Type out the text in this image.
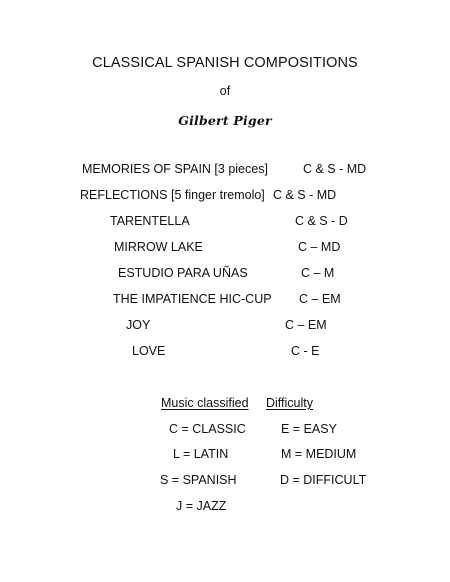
CLASSICAL SPANISH COMPOSITIONS
of
Gilbert Piger
MEMORIES OF SPAIN [3 pieces]	C & S - MD
REFLECTIONS [5 finger tremolo] C & S - MD
TARENTELLA	C & S - D
MIRROW LAKE	C – MD
ESTUDIO PARA UÑAS	C – M
THE IMPATIENCE HIC-CUP C – EM
JOY	C – EM
LOVE	C - E
Music classified Difficulty
C = CLASSIC	E = EASY
L = LATIN	M = MEDIUM
S = SPANISH	D = DIFFICULT
J = JAZZ
